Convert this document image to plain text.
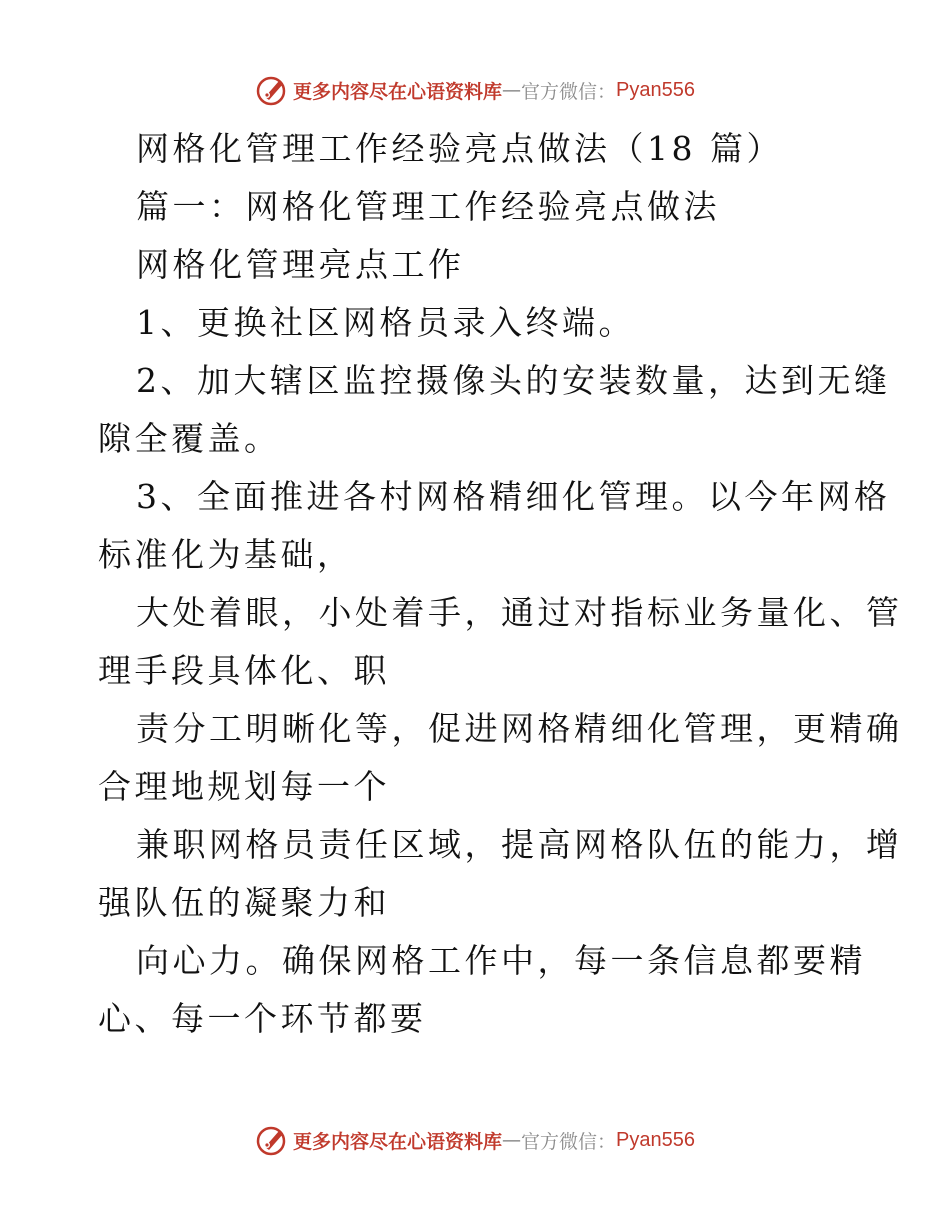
更多内容尽在心语资料库 — 官方微信： Pyan556

网格化管理工作经验亮点做法（18 篇）

篇一：网格化管理工作经验亮点做法

网格化管理亮点工作

1、更换社区网格员录入终端。

2、加大辖区监控摄像头的安装数量，达到无缝

隙全覆盖。

3、全面推进各村网格精细化管理。以今年网格

标准化为基础，

大处着眼，小处着手，通过对指标业务量化、管

理手段具体化、职

责分工明晰化等，促进网格精细化管理，更精确

合理地规划每一个

兼职网格员责任区域，提高网格队伍的能力，增

强队伍的凝聚力和

向心力。确保网格工作中，每一条信息都要精

心、每一个环节都要

更多内容尽在心语资料库 — 官方微信： Pyan556
